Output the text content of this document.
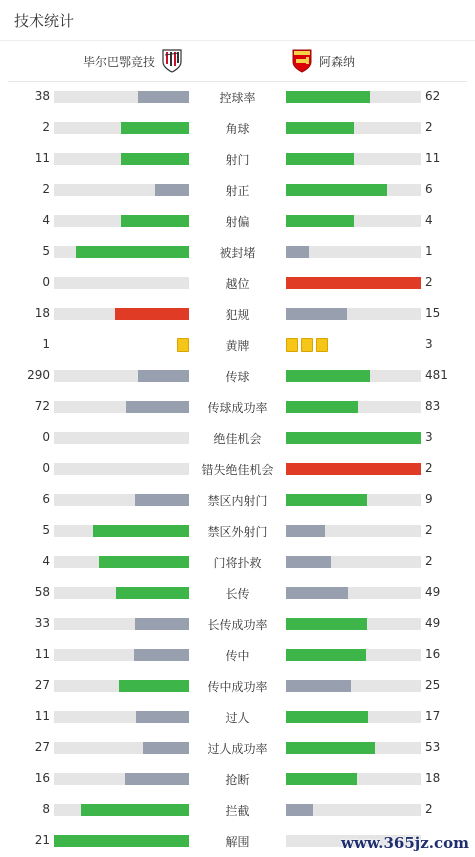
技术统计
毕尔巴鄂竞技	阿森纳
38	控球率	62
2	角球	2
11	射门	11
2	射正	6
4	射偏	4
5	被封堵	1
0	越位	2
18	犯规	15
1	黄牌	3
290	传球	481
72	传球成功率	83
0	绝佳机会	3
0	错失绝佳机会	2
6	禁区内射门	9
5	禁区外射门	2
4	门将扑救	2
58	长传	49
33	长传成功率	49
11	传中	16
27	传中成功率	25
11	过人	17
27	过人成功率	53
16	抢断	18
8	拦截	2
21	解围	www.365jz.com
